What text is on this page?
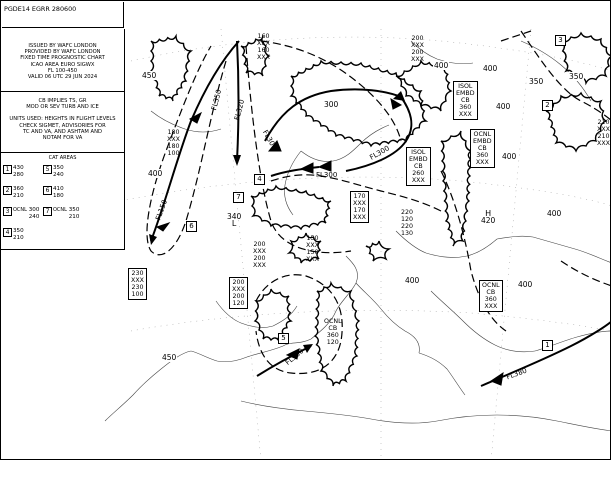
PGDE14 EGRR 280600
ISSUED BY WAFC LONDON
PROVIDED BY WAFC LONDON
FIXED TIME PROGNOSTIC CHART
ICAO AREA EURO SIGWX
FL 100-450
VALID 06 UTC 29 JUN 2024
CB IMPLIES TS, GR
MOD OR SEV TURB AND ICE
UNITS USED: HEIGHTS IN FLIGHT LEVELS
CHECK SIGMET, ADVISORIES FOR
TC AND VA, AND ASHTAM AND
NOTAM FOR VA
CAT AREAS
1 430
280
2 360
210
3 OCNL 300
240
4 350
210
5 350
240
6 410
180
7 OCNL 350
210
450
400	400
350
350
300	400
400
400
400
400
450
400
H
420
340
L
FL320
FL350
FL150
FL300
FL300
FL300
FL380
FL300
3
2
7
6
4
5
1
160
XXX
160
XXX
200
XXX
200
XXX
180
XXX
180
100
ISOL
EMBD
CB
360
XXX
OCNL
EMBD
CB
360
XXX
ISOL
EMBD
CB
260
XXX
170
XXX
170
XXX
220
120
220
130
200
XXX
200
XXX
150
XXX
150
XXX
200
XXX
200
120
230
XXX
230
100
OCNL
CB
360
120
OCNL
CB
360
XXX
210
XXX
210
XXX
